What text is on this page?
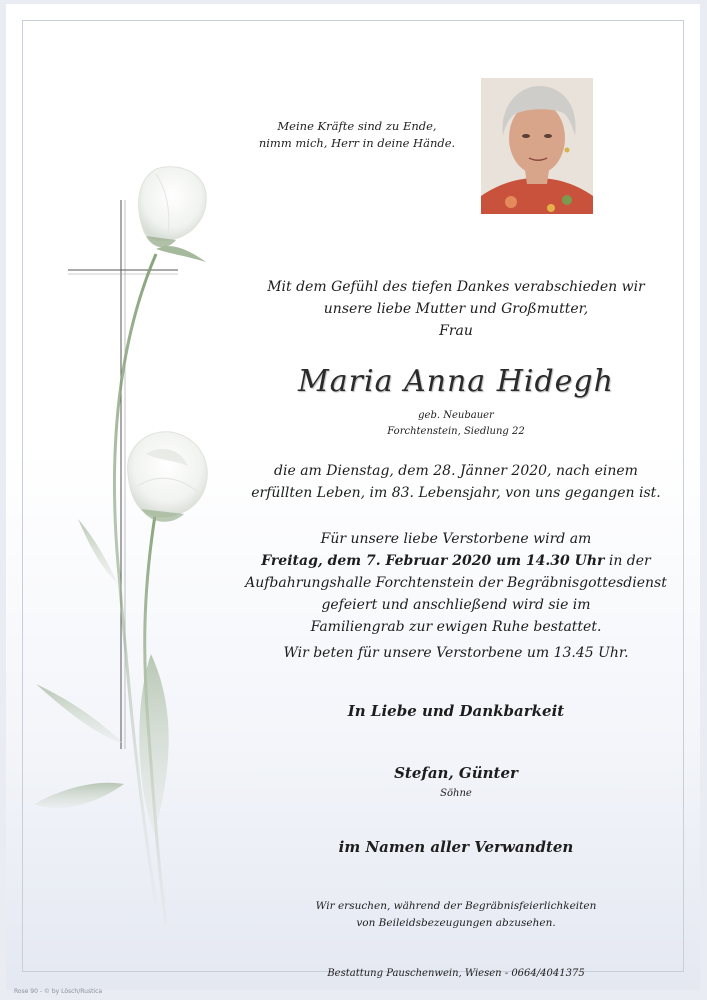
Meine Kräfte sind zu Ende,
nimm mich, Herr in deine Hände.
Mit dem Gefühl des tiefen Dankes verabschieden wir
unsere liebe Mutter und Großmutter,
Frau
Maria Anna Hidegh
geb. Neubauer
Forchtenstein, Siedlung 22
die am Dienstag, dem 28. Jänner 2020, nach einem
erfüllten Leben, im 83. Lebensjahr, von uns gegangen ist.
Für unsere liebe Verstorbene wird am
Freitag, dem 7. Februar 2020 um 14.30 Uhr in der
Aufbahrungshalle Forchtenstein der Begräbnisgottesdienst
gefeiert und anschließend wird sie im
Familiengrab zur ewigen Ruhe bestattet.
Wir beten für unsere Verstorbene um 13.45 Uhr.
In Liebe und Dankbarkeit
Stefan, Günter
Söhne
im Namen aller Verwandten
Wir ersuchen, während der Begräbnisfeierlichkeiten
von Beileidsbezeugungen abzusehen.
Bestattung Pauschenwein, Wiesen - 0664/4041375
Rose 90 - © by Lösch/Rustica
